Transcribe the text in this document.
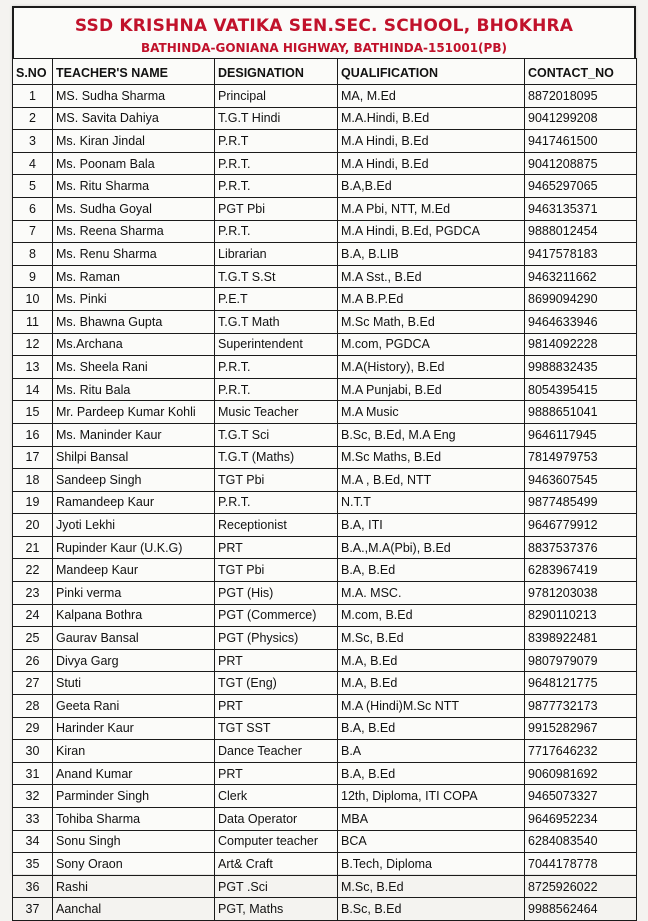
SSD KRISHNA VATIKA SEN.SEC. SCHOOL, BHOKHRA
BATHINDA-GONIANA HIGHWAY, BATHINDA-151001(PB)
S.NO	TEACHER'S NAME	DESIGNATION	QUALIFICATION	CONTACT_NO
1	MS. Sudha Sharma	Principal	MA, M.Ed	8872018095
2	MS. Savita Dahiya	T.G.T Hindi	M.A.Hindi, B.Ed	9041299208
3	Ms. Kiran Jindal	P.R.T	M.A Hindi, B.Ed	9417461500
4	Ms. Poonam Bala	P.R.T.	M.A Hindi, B.Ed	9041208875
5	Ms. Ritu Sharma	P.R.T.	B.A,B.Ed	9465297065
6	Ms. Sudha Goyal	PGT Pbi	M.A Pbi, NTT, M.Ed	9463135371
7	Ms. Reena Sharma	P.R.T.	M.A Hindi, B.Ed, PGDCA	9888012454
8	Ms. Renu Sharma	Librarian	B.A, B.LIB	9417578183
9	Ms. Raman	T.G.T S.St	M.A Sst., B.Ed	9463211662
10	Ms. Pinki	P.E.T	M.A B.P.Ed	8699094290
11	Ms. Bhawna Gupta	T.G.T Math	M.Sc Math, B.Ed	9464633946
12	Ms.Archana	Superintendent	M.com, PGDCA	9814092228
13	Ms. Sheela Rani	P.R.T.	M.A(History), B.Ed	9988832435
14	Ms. Ritu Bala	P.R.T.	M.A Punjabi, B.Ed	8054395415
15	Mr. Pardeep Kumar Kohli	Music Teacher	M.A Music	9888651041
16	Ms. Maninder Kaur	T.G.T Sci	B.Sc, B.Ed, M.A Eng	9646117945
17	Shilpi Bansal	T.G.T (Maths)	M.Sc Maths, B.Ed	7814979753
18	Sandeep Singh	TGT Pbi	M.A , B.Ed, NTT	9463607545
19	Ramandeep Kaur	P.R.T.	N.T.T	9877485499
20	Jyoti Lekhi	Receptionist	B.A, ITI	9646779912
21	Rupinder Kaur (U.K.G)	PRT	B.A.,M.A(Pbi), B.Ed	8837537376
22	Mandeep Kaur	TGT Pbi	B.A, B.Ed	6283967419
23	Pinki verma	PGT (His)	M.A. MSC.	9781203038
24	Kalpana Bothra	PGT (Commerce)	M.com, B.Ed	8290110213
25	Gaurav Bansal	PGT (Physics)	M.Sc, B.Ed	8398922481
26	Divya Garg	PRT	M.A, B.Ed	9807979079
27	Stuti	TGT (Eng)	M.A, B.Ed	9648121775
28	Geeta Rani	PRT	M.A (Hindi)M.Sc NTT	9877732173
29	Harinder Kaur	TGT SST	B.A, B.Ed	9915282967
30	Kiran	Dance Teacher	B.A	7717646232
31	Anand Kumar	PRT	B.A, B.Ed	9060981692
32	Parminder Singh	Clerk	12th, Diploma, ITI COPA	9465073327
33	Tohiba Sharma	Data Operator	MBA	9646952234
34	Sonu Singh	Computer teacher	BCA	6284083540
35	Sony Oraon	Art& Craft	B.Tech, Diploma	7044178778
36	Rashi	PGT .Sci	M.Sc, B.Ed	8725926022
37	Aanchal	PGT, Maths	B.Sc, B.Ed	9988562464
